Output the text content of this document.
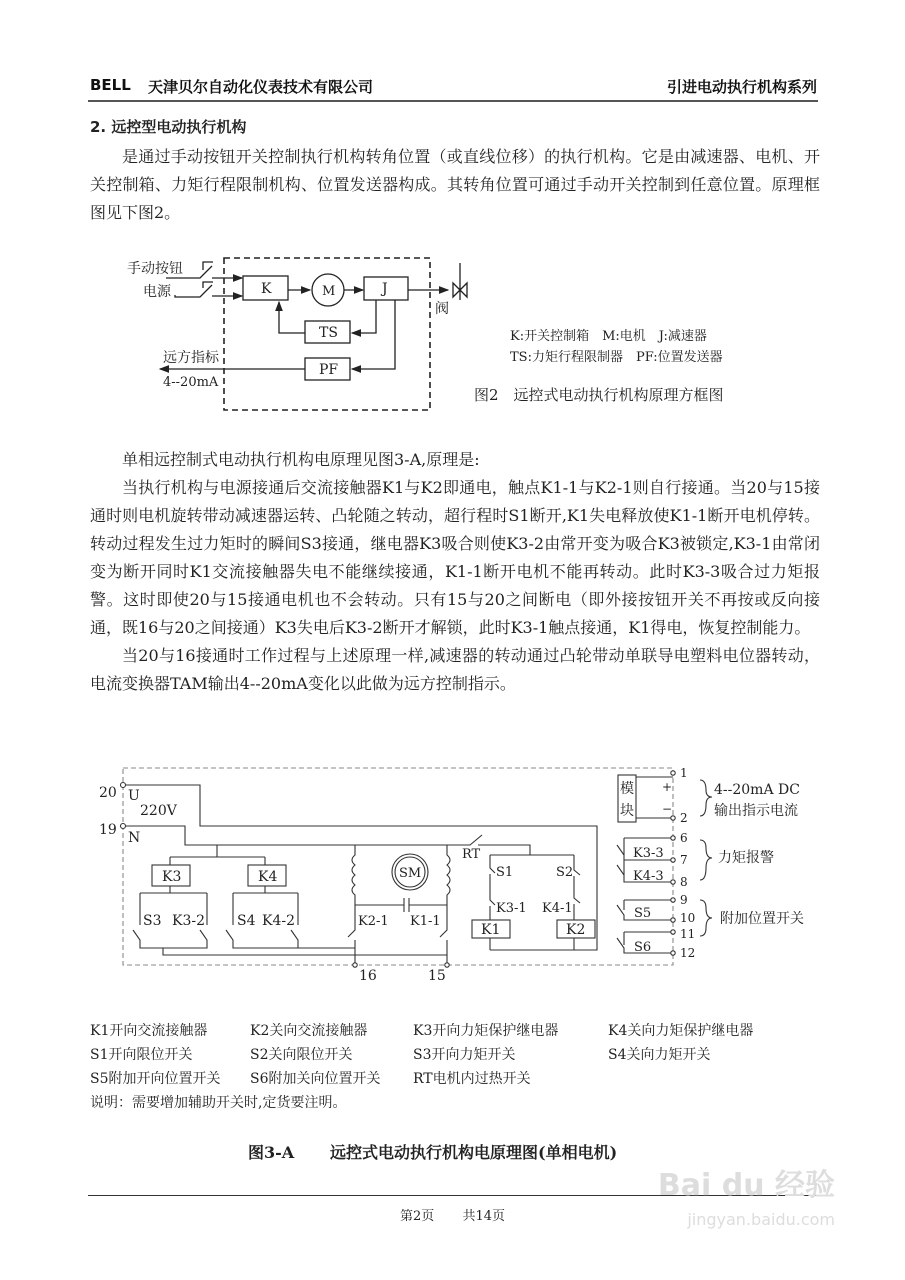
BELL 天津贝尔自动化仪表技术有限公司	引进电动执行机构系列
2. 远控型电动执行机构

是通过手动按钮开关控制执行机构转角位置（或直线位移）的执行机构。它是由减速器、电机、开关控制箱、力矩行程限制机构、位置发送器构成。其转角位置可通过手动开关控制到任意位置。原理框图见下图2。

单相远控制式电动执行机构电原理见图3-A,原理是:

当执行机构与电源接通后交流接触器K1与K2即通电，触点K1-1与K2-1则自行接通。当20与15接通时则电机旋转带动减速器运转、凸轮随之转动，超行程时S1断开,K1失电释放使K1-1断开电机停转。转动过程发生过力矩时的瞬间S3接通，继电器K3吸合则使K3-2由常开变为吸合K3被锁定,K3-1由常闭变为断开同时K1交流接触器失电不能继续接通，K1-1断开电机不能再转动。此时K3-3吸合过力矩报警。这时即使20与15接通电机也不会转动。只有15与20之间断电（即外接按钮开关不再按或反向接通，既16与20之间接通）K3失电后K3-2断开才解锁，此时K3-1触点接通，K1得电，恢复控制能力。

当20与16接通时工作过程与上述原理一样,减速器的转动通过凸轮带动单联导电塑料电位器转动，电流变换器TAM输出4--20mA变化以此做为远方控制指示。

手动按钮
电源	K	M	J
TS
PF
阀
远方指标
4--20mA
K:开关控制箱　M:电机　J:减速器
TS:力矩行程限制器　PF:位置发送器
图2　远控式电动执行机构原理方框图
20
19
U
N
220V
K3	K4
S3 K3-2 S4 K4-2
SM
K2-1 K1-1
RT
S1	S2
K3-1 K4-1
K1	K2
16	15
模
块
+
−
1
2
6
7
8
9
10
11
12
K3-3
K4-3
S5
S6
4--20mA DC
输出指示电流
力矩报警
附加位置开关
K1开向交流接触器	K2关向交流接触器	K3开向力矩保护继电器	K4关向力矩保护继电器
S1开向限位开关	S2关向限位开关	S3开向力矩开关	S4关向力矩开关
S5附加开向位置开关 S6附加关向位置开关 RT电机内过热开关
说明：需要增加辅助开关时,定货要注明。
图3-A 远控式电动执行机构电原理图(单相电机)
第2页 共14页
Bai du 经验
jingyan.baidu.com
